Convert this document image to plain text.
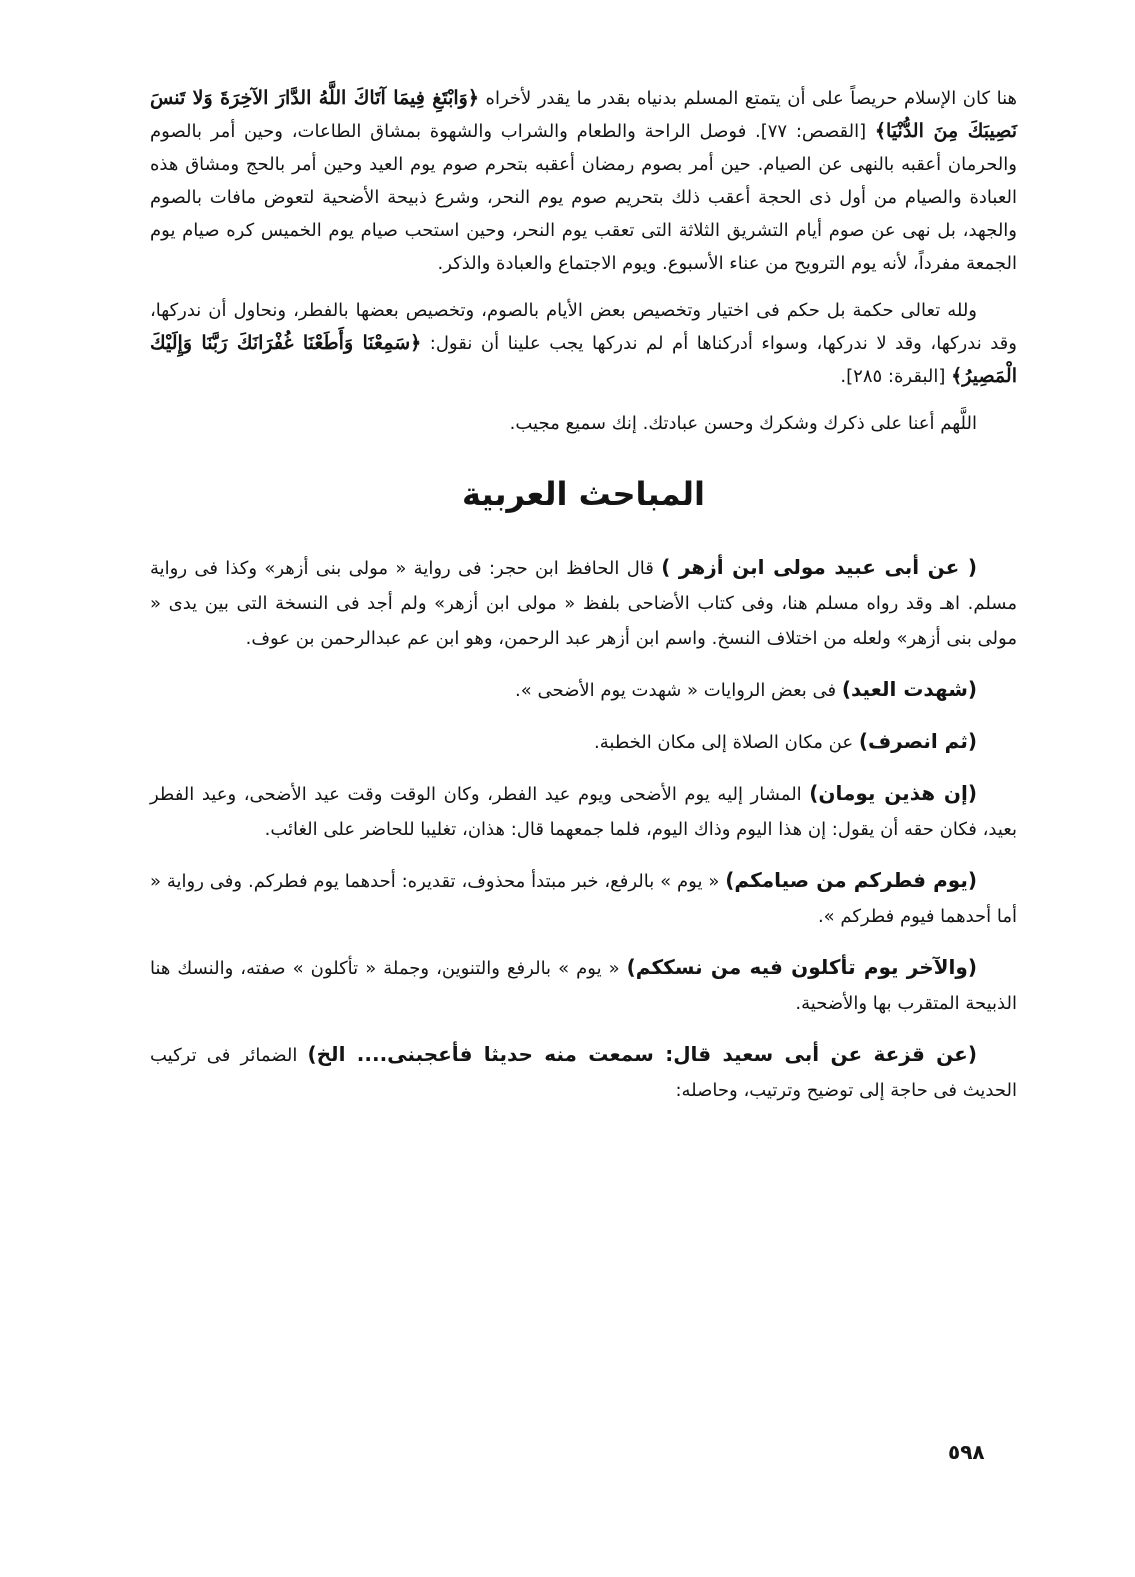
هنا كان الإسلام حريصاً على أن يتمتع المسلم بدنياه بقدر ما يقدر لأخراه ﴿وَابْتَغِ فِيمَا آتَاكَ اللَّهُ الدَّارَ الآخِرَةَ وَلا تَنسَ نَصِيبَكَ مِنَ الدُّنْيَا﴾ [القصص: ٧٧]. فوصل الراحة والطعام والشراب والشهوة بمشاق الطاعات، وحين أمر بالصوم والحرمان أعقبه بالنهى عن الصيام. حين أمر بصوم رمضان أعقبه بتحرم صوم يوم العيد وحين أمر بالحج ومشاق هذه العبادة والصيام من أول ذى الحجة أعقب ذلك بتحريم صوم يوم النحر، وشرع ذبيحة الأضحية لتعوض مافات بالصوم والجهد، بل نهى عن صوم أيام التشريق الثلاثة التى تعقب يوم النحر، وحين استحب صيام يوم الخميس كره صيام يوم الجمعة مفرداً، لأنه يوم الترويح من عناء الأسبوع. ويوم الاجتماع والعبادة والذكر.

ولله تعالى حكمة بل حكم فى اختيار وتخصيص بعض الأيام بالصوم، وتخصيص بعضها بالفطر، ونحاول أن ندركها، وقد ندركها، وقد لا ندركها، وسواء أدركناها أم لم ندركها يجب علينا أن نقول: ﴿سَمِعْنَا وَأَطَعْنَا غُفْرَانَكَ رَبَّنَا وَإِلَيْكَ الْمَصِيرُ﴾ [البقرة: ٢٨٥].

اللَّهم أعنا على ذكرك وشكرك وحسن عبادتك. إنك سميع مجيب.

المباحث العربية

( عن أبى عبيد مولى ابن أزهر ) قال الحافظ ابن حجر: فى رواية « مولى بنى أزهر» وكذا فى رواية مسلم. اهـ وقد رواه مسلم هنا، وفى كتاب الأضاحى بلفظ « مولى ابن أزهر» ولم أجد فى النسخة التى بين يدى « مولى بنى أزهر» ولعله من اختلاف النسخ. واسم ابن أزهر عبد الرحمن، وهو ابن عم عبدالرحمن بن عوف.

(شهدت العيد) فى بعض الروايات « شهدت يوم الأضحى ».

(ثم انصرف) عن مكان الصلاة إلى مكان الخطبة.

(إن هذين يومان) المشار إليه يوم الأضحى ويوم عيد الفطر، وكان الوقت وقت عيد الأضحى، وعيد الفطر بعيد، فكان حقه أن يقول: إن هذا اليوم وذاك اليوم، فلما جمعهما قال: هذان، تغليبا للحاضر على الغائب.

(يوم فطركم من صيامكم) « يوم » بالرفع، خبر مبتدأ محذوف، تقديره: أحدهما يوم فطركم. وفى رواية « أما أحدهما فيوم فطركم ».

(والآخر يوم تأكلون فيه من نسككم) « يوم » بالرفع والتنوين، وجملة « تأكلون » صفته، والنسك هنا الذبيحة المتقرب بها والأضحية.

(عن قزعة عن أبى سعيد قال: سمعت منه حديثا فأعجبنى.... الخ) الضمائر فى تركيب الحديث فى حاجة إلى توضيح وترتيب، وحاصله:

٥٩٨
